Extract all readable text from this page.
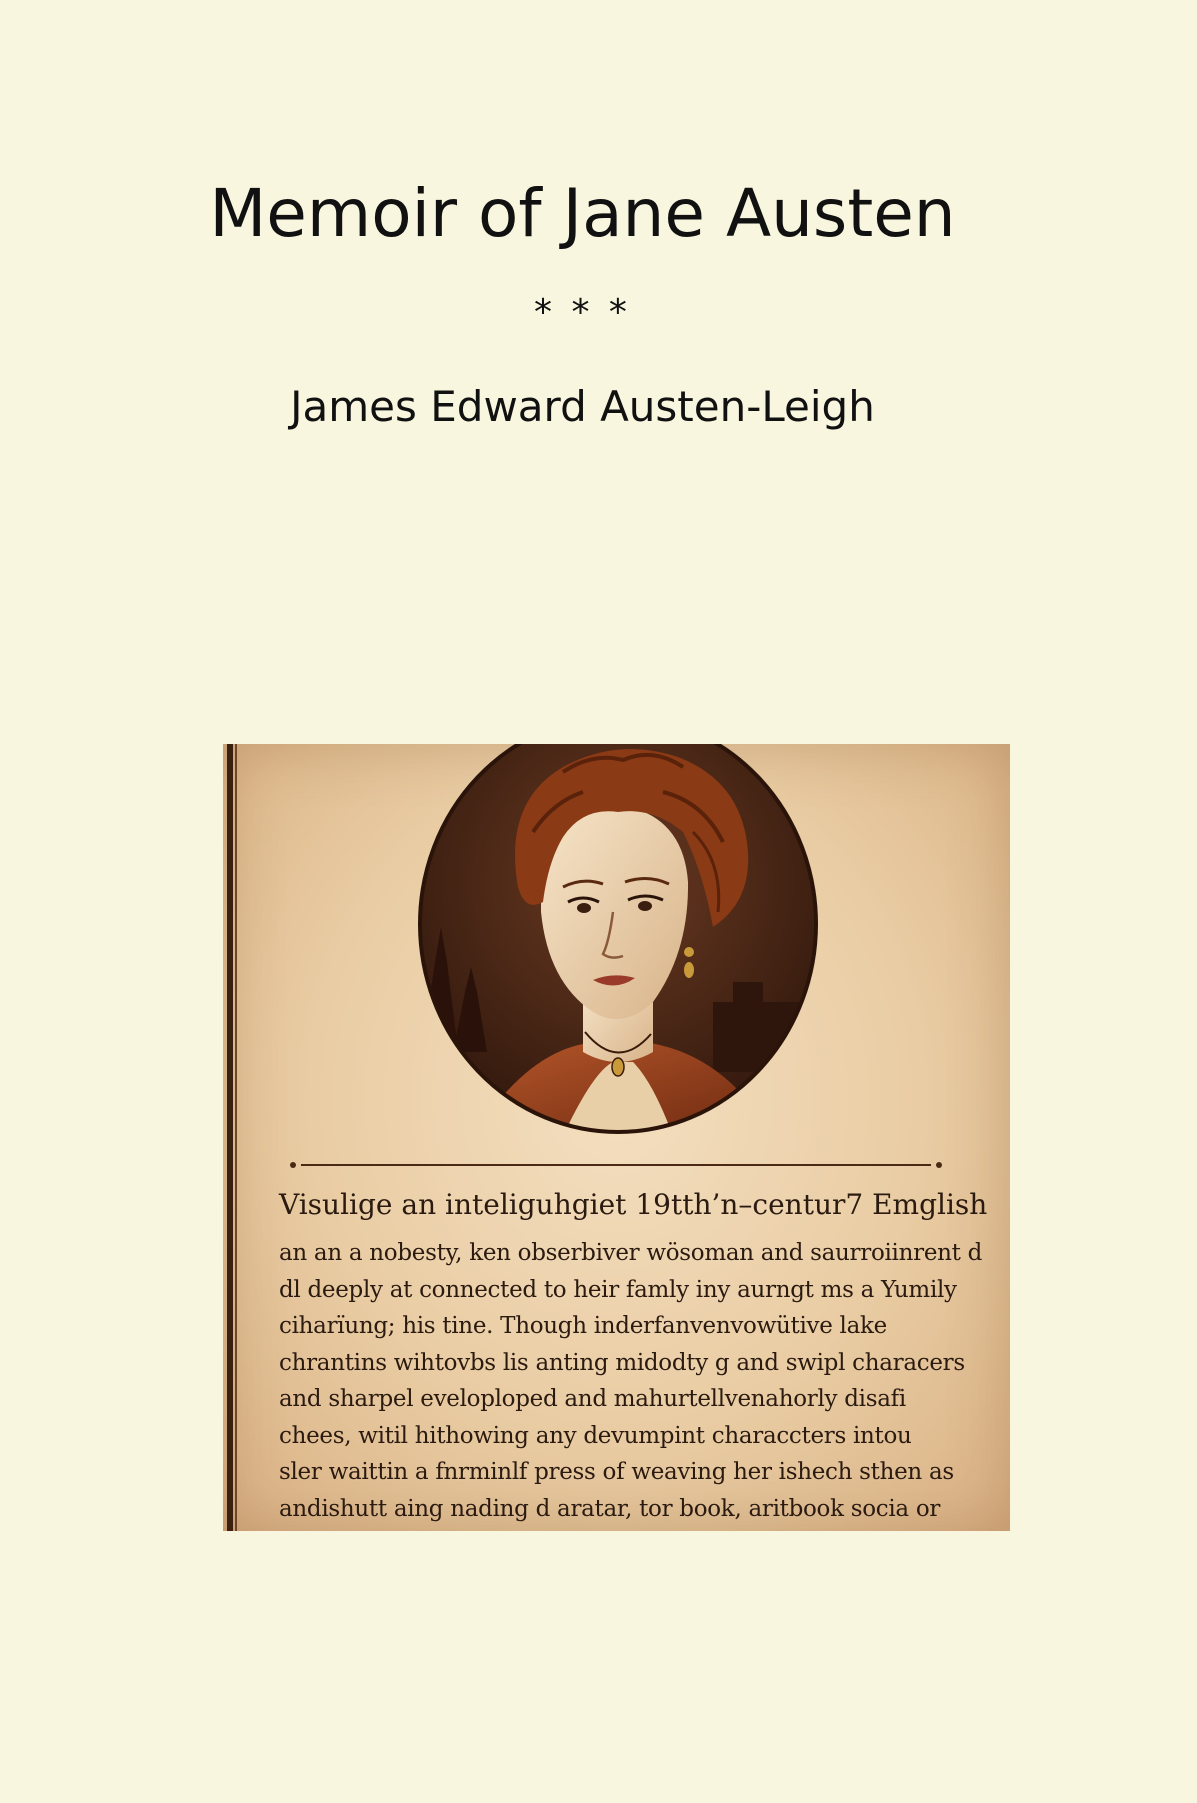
Memoir of Jane Austen
* * *
James Edward Austen-Leigh
Visulige an inteliguhgiet 19tth’n–centur7 Emglish
an an a nobesty, ken obserbiver wösoman and saurroiinrent d
dl deeply at connected to heir famly iny aurngt ms a Yumily
ciharïung; his tine. Though inderfanvenvowütive lake
chrantins wihtovbs lis anting midodty g and swipl characers
and sharpel eveloploped and mahurtellvenahorly disafi
chees, witil hithowing any devumpint characcters intou
sler waittin a fnrminlf press of weaving her ishech sthen as
andishutt aing nading d aratar, tor book, aritbook socia or
